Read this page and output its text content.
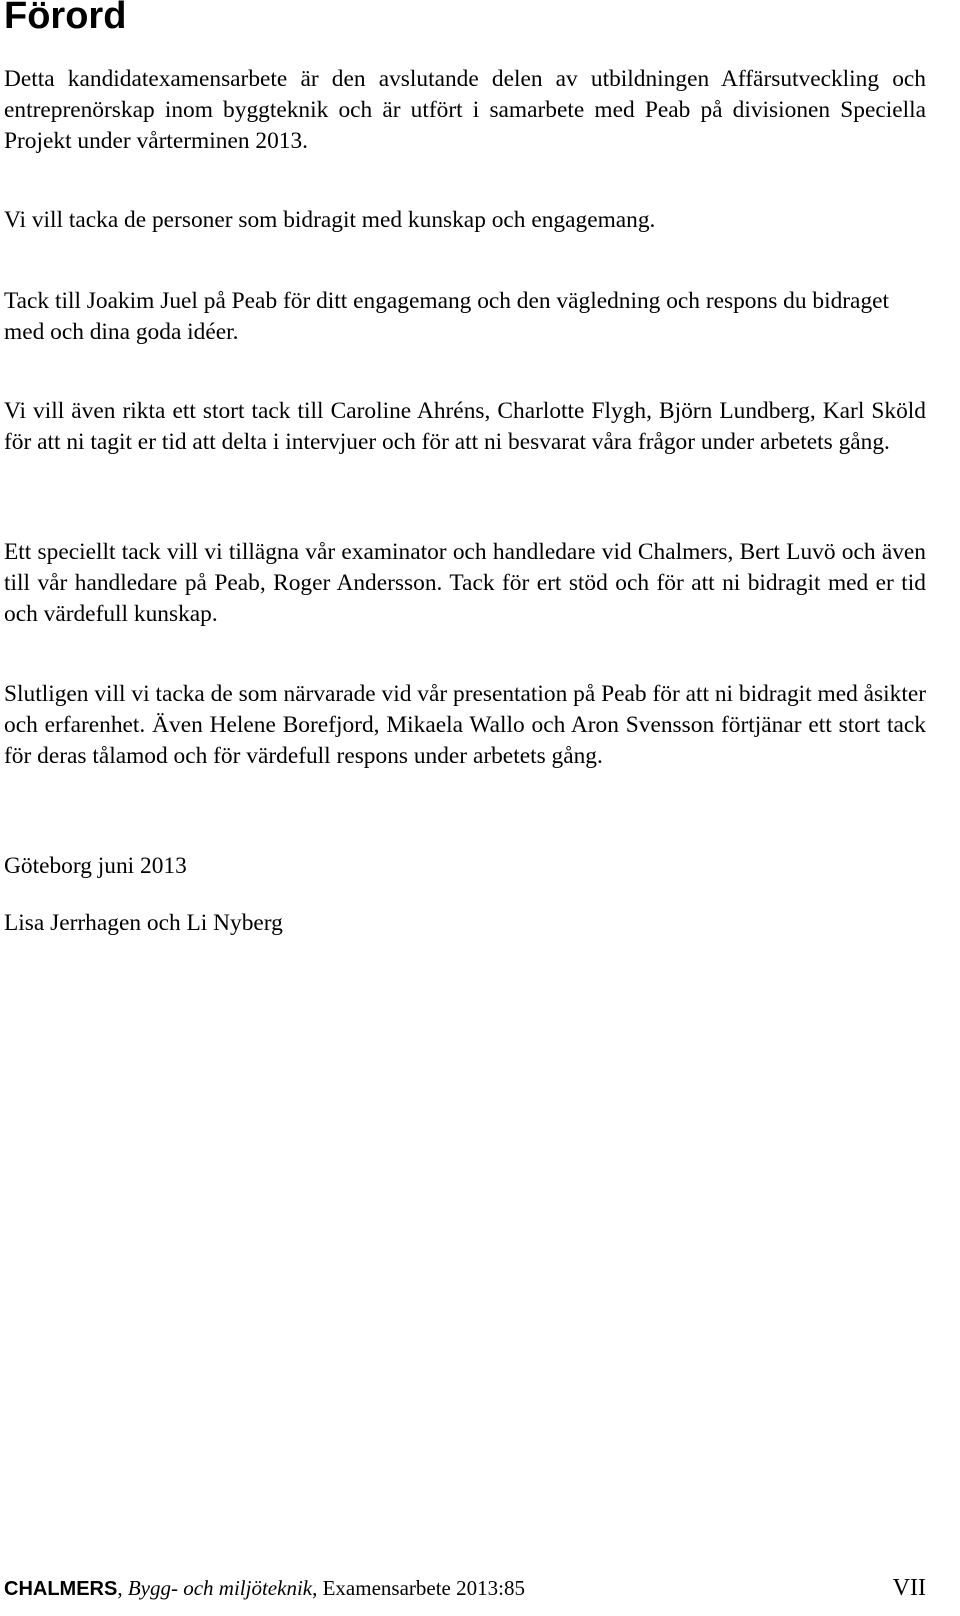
Förord

Detta kandidatexamensarbete är den avslutande delen av utbildningen Affärsutveckling och entreprenörskap inom byggteknik och är utfört i samarbete med Peab på divisionen Speciella Projekt under vårterminen 2013.

Vi vill tacka de personer som bidragit med kunskap och engagemang.

Tack till Joakim Juel på Peab för ditt engagemang och den vägledning och respons du bidraget med och dina goda idéer.

Vi vill även rikta ett stort tack till Caroline Ahréns, Charlotte Flygh, Björn Lundberg, Karl Sköld för att ni tagit er tid att delta i intervjuer och för att ni besvarat våra frågor under arbetets gång.

Ett speciellt tack vill vi tillägna vår examinator och handledare vid Chalmers, Bert Luvö och även till vår handledare på Peab, Roger Andersson. Tack för ert stöd och för att ni bidragit med er tid och värdefull kunskap.

Slutligen vill vi tacka de som närvarade vid vår presentation på Peab för att ni bidragit med åsikter och erfarenhet. Även Helene Borefjord, Mikaela Wallo och Aron Svensson förtjänar ett stort tack för deras tålamod och för värdefull respons under arbetets gång.

Göteborg juni 2013

Lisa Jerrhagen och Li Nyberg

CHALMERS, Bygg- och miljöteknik, Examensarbete 2013:85	VII
